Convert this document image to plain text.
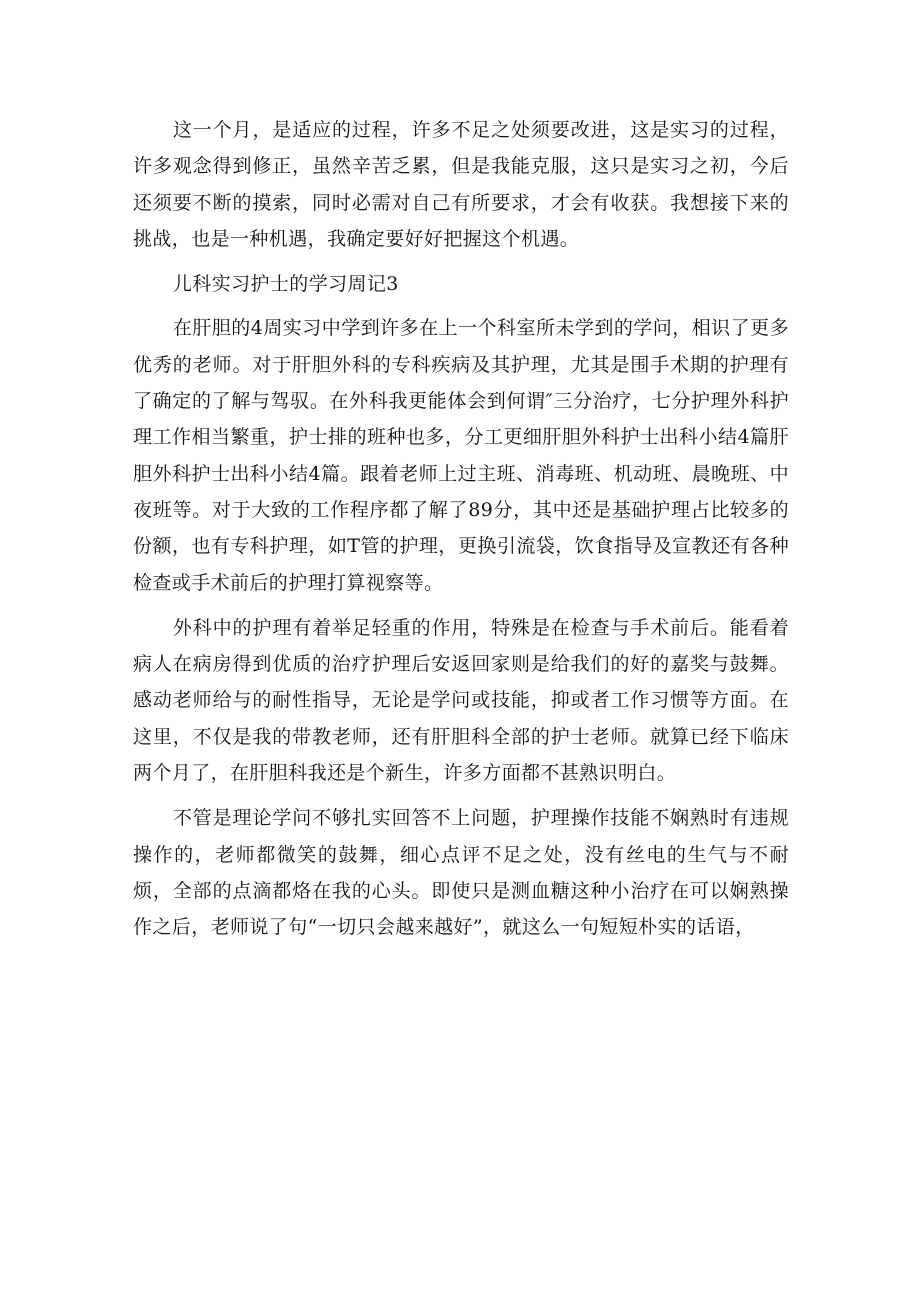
这一个月，是适应的过程，许多不足之处须要改进，这是实习的过程，许多观念得到修正，虽然辛苦乏累，但是我能克服，这只是实习之初，今后还须要不断的摸索，同时必需对自己有所要求，才会有收获。我想接下来的挑战，也是一种机遇，我确定要好好把握这个机遇。

儿科实习护士的学习周记3

在肝胆的4周实习中学到许多在上一个科室所未学到的学问，相识了更多优秀的老师。对于肝胆外科的专科疾病及其护理，尤其是围手术期的护理有了确定的了解与驾驭。在外科我更能体会到何谓″三分治疗，七分护理外科护理工作相当繁重，护士排的班种也多，分工更细肝胆外科护士出科小结4篇肝胆外科护士出科小结4篇。跟着老师上过主班、消毒班、机动班、晨晚班、中夜班等。对于大致的工作程序都了解了89分，其中还是基础护理占比较多的份额，也有专科护理，如T管的护理，更换引流袋，饮食指导及宣教还有各种检查或手术前后的护理打算视察等。

外科中的护理有着举足轻重的作用，特殊是在检查与手术前后。能看着病人在病房得到优质的治疗护理后安返回家则是给我们的好的嘉奖与鼓舞。感动老师给与的耐性指导，无论是学问或技能，抑或者工作习惯等方面。在这里，不仅是我的带教老师，还有肝胆科全部的护士老师。就算已经下临床两个月了，在肝胆科我还是个新生，许多方面都不甚熟识明白。

不管是理论学问不够扎实回答不上问题，护理操作技能不娴熟时有违规操作的，老师都微笑的鼓舞，细心点评不足之处，没有丝电的生气与不耐烦，全部的点滴都烙在我的心头。即使只是测血糖这种小治疗在可以娴熟操作之后，老师说了句“一切只会越来越好”，就这么一句短短朴实的话语，
